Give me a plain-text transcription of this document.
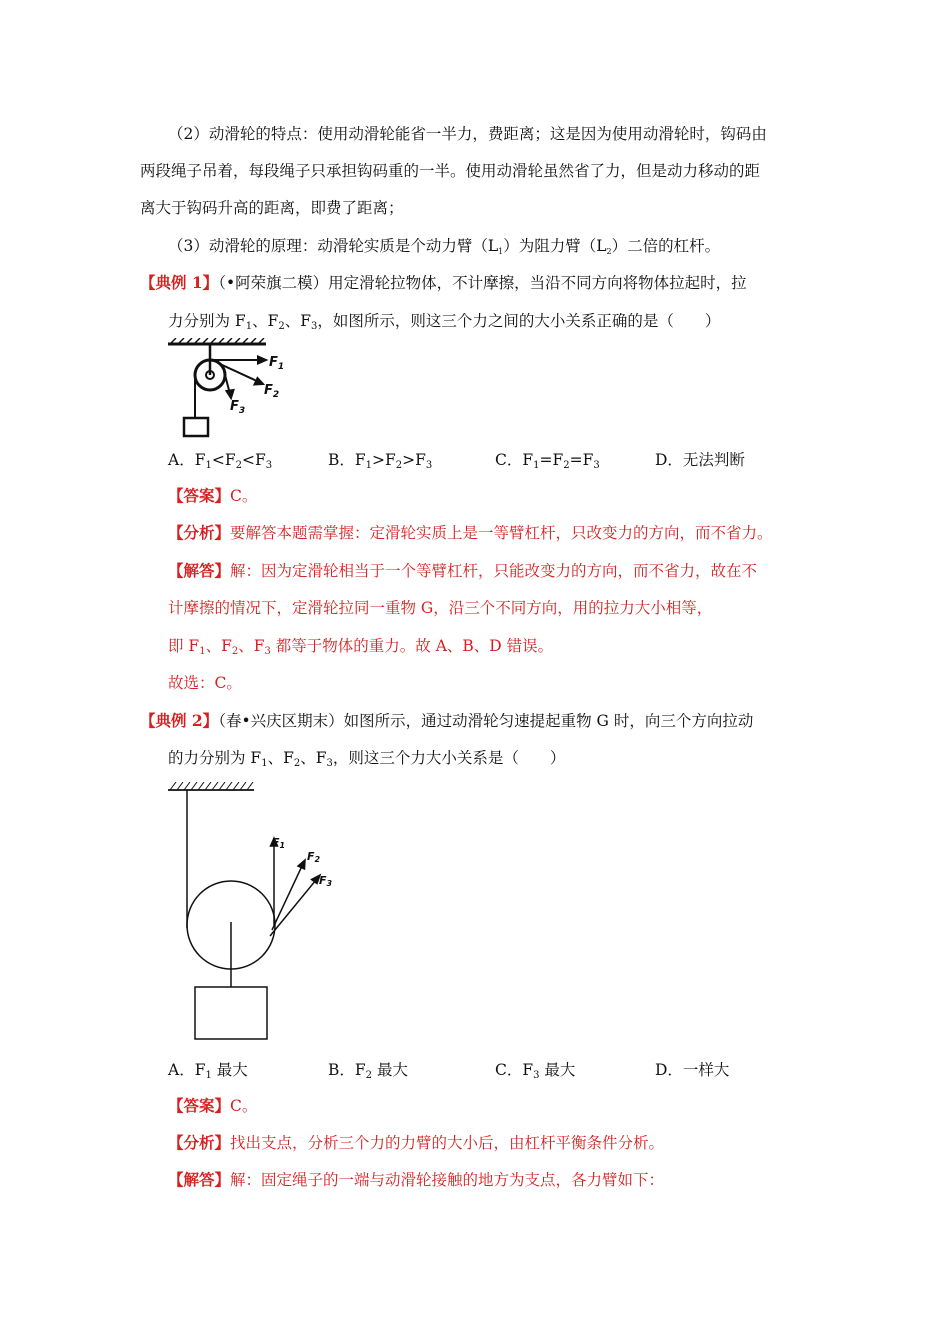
（2）动滑轮的特点：使用动滑轮能省一半力，费距离；这是因为使用动滑轮时，钩码由
两段绳子吊着，每段绳子只承担钩码重的一半。使用动滑轮虽然省了力，但是动力移动的距
离大于钩码升高的距离，即费了距离；
（3）动滑轮的原理：动滑轮实质是个动力臂$(L_1)$为阻力臂$(L_2)$二倍的杠杆。
【典例 1】（•阿荣旗二模）用定滑轮拉物体，不计摩擦，当沿不同方向将物体拉起时，拉
力分别为 $F_1$、$F_2$、$F_3$，如图所示，则这三个力之间的大小关系正确的是（　　）
$F_1$
$F_2$
$F_3$
A．$F_1<F_2<F_3$	B．$F_1>F_2>F_3$	C．$F_1=F_2=F_3$	D．无法判断
【答案】C。
【分析】要解答本题需掌握：定滑轮实质上是一等臂杠杆，只改变力的方向，而不省力。
【解答】解：因为定滑轮相当于一个等臂杠杆，只能改变力的方向，而不省力，故在不
计摩擦的情况下，定滑轮拉同一重物 G，沿三个不同方向，用的拉力大小相等，
即 $F_1$、$F_2$、$F_3$ 都等于物体的重力。故 A、B、D 错误。
故选：C。
【典例 2】（春•兴庆区期末）如图所示，通过动滑轮匀速提起重物 G 时，向三个方向拉动
的力分别为 $F_1$、$F_2$、$F_3$，则这三个力大小关系是（　　）
F1
F2
F3
A．$F_1$ 最大	B．$F_2$ 最大	C．$F_3$ 最大	D．一样大
【答案】C。
【分析】找出支点，分析三个力的力臂的大小后，由杠杆平衡条件分析。
【解答】解：固定绳子的一端与动滑轮接触的地方为支点，各力臂如下：
